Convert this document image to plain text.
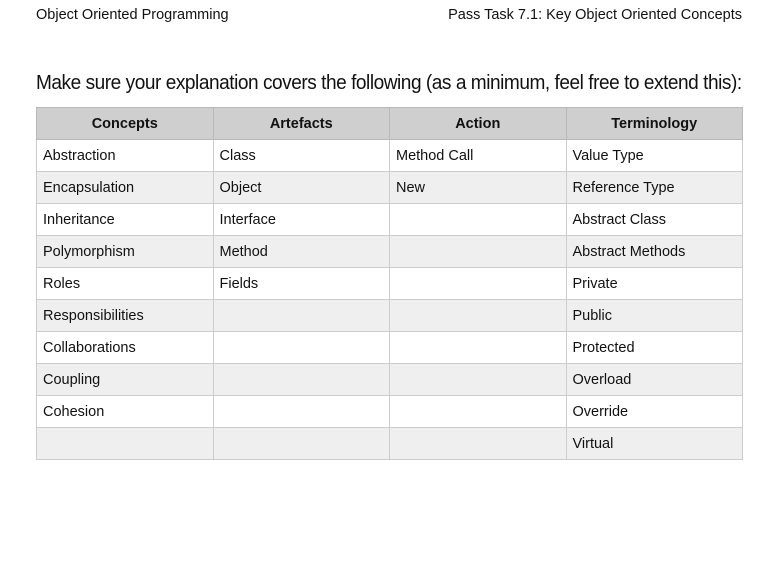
Object Oriented Programming	Pass Task 7.1: Key Object Oriented Concepts
Make sure your explanation covers the following (as a minimum, feel free to extend this):
Concepts	Artefacts	Action	Terminology
Abstraction	Class	Method Call	Value Type
Encapsulation	Object	New	Reference Type
Inheritance	Interface		Abstract Class
Polymorphism	Method		Abstract Methods
Roles	Fields		Private
Responsibilities			Public
Collaborations			Protected
Coupling			Overload
Cohesion			Override
			Virtual
